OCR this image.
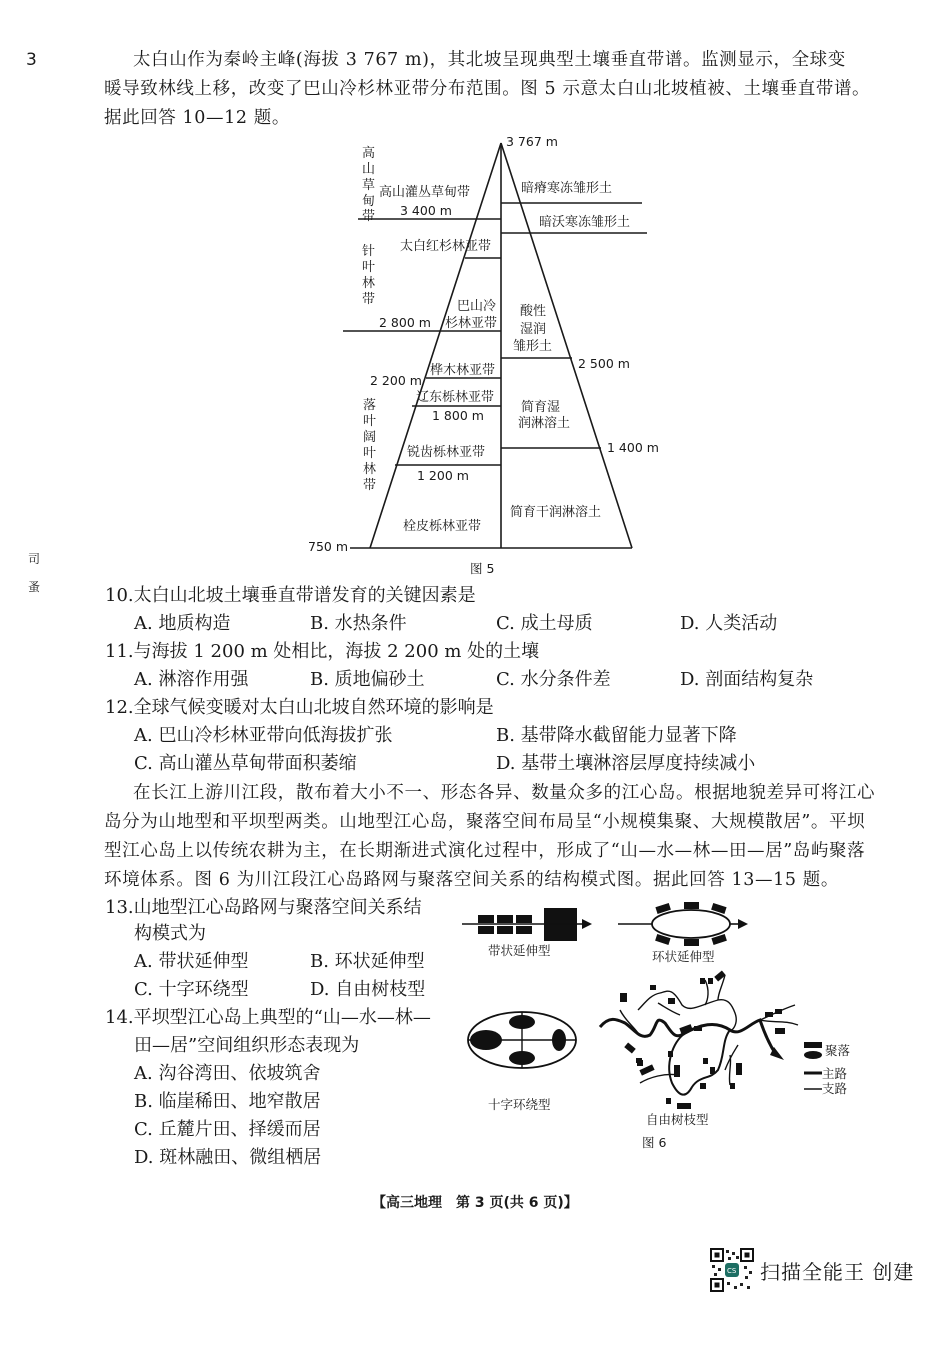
3
司
蚤
太白山作为秦岭主峰(海拔 3 767 m)，其北坡呈现典型土壤垂直带谱。监测显示，全球变
暖导致林线上移，改变了巴山冷杉林亚带分布范围。图 5 示意太白山北坡植被、土壤垂直带谱。
据此回答 10—12 题。
高
山
草
甸
带
针
叶
林
带
落
叶
阔
叶
林
带
3 767 m
750 m
高山灌丛草甸带
太白红杉林亚带
巴山冷
杉林亚带
桦木林亚带
辽东栎林亚带
锐齿栎林亚带
栓皮栎林亚带
3 400 m
2 800 m
2 200 m
1 800 m
1 200 m
暗瘠寒冻雏形土
暗沃寒冻雏形土
酸性
湿润
雏形土
简育湿
润淋溶土
简育干润淋溶土
2 500 m
1 400 m
图 5
10.太白山北坡土壤垂直带谱发育的关键因素是
A. 地质构造	B. 水热条件	C. 成土母质	D. 人类活动
11.与海拔 1 200 m 处相比，海拔 2 200 m 处的土壤
A. 淋溶作用强	B. 质地偏砂土	C. 水分条件差	D. 剖面结构复杂
12.全球气候变暖对太白山北坡自然环境的影响是
A. 巴山冷杉林亚带向低海拔扩张	B. 基带降水截留能力显著下降
C. 高山灌丛草甸带面积萎缩	D. 基带土壤淋溶层厚度持续减小
在长江上游川江段，散布着大小不一、形态各异、数量众多的江心岛。根据地貌差异可将江心
岛分为山地型和平坝型两类。山地型江心岛，聚落空间布局呈“小规模集聚、大规模散居”。平坝
型江心岛上以传统农耕为主，在长期渐进式演化过程中，形成了“山—水—林—田—居”岛屿聚落
环境体系。图 6 为川江段江心岛路网与聚落空间关系的结构模式图。据此回答 13—15 题。
13.山地型江心岛路网与聚落空间关系结
构模式为
A. 带状延伸型	B. 环状延伸型
C. 十字环绕型	D. 自由树枝型
14.平坝型江心岛上典型的“山—水—林—
田—居”空间组织形态表现为
A. 沟谷湾田、依坡筑舍
B. 临崖稀田、地窄散居
C. 丘麓片田、择缓而居
D. 斑林融田、微组栖居
带状延伸型	环状延伸型
十字环绕型
自由树枝型
聚落
主路
支路
图 6
【高三地理　第 3 页(共 6 页)】
CS 扫描全能王 创建
